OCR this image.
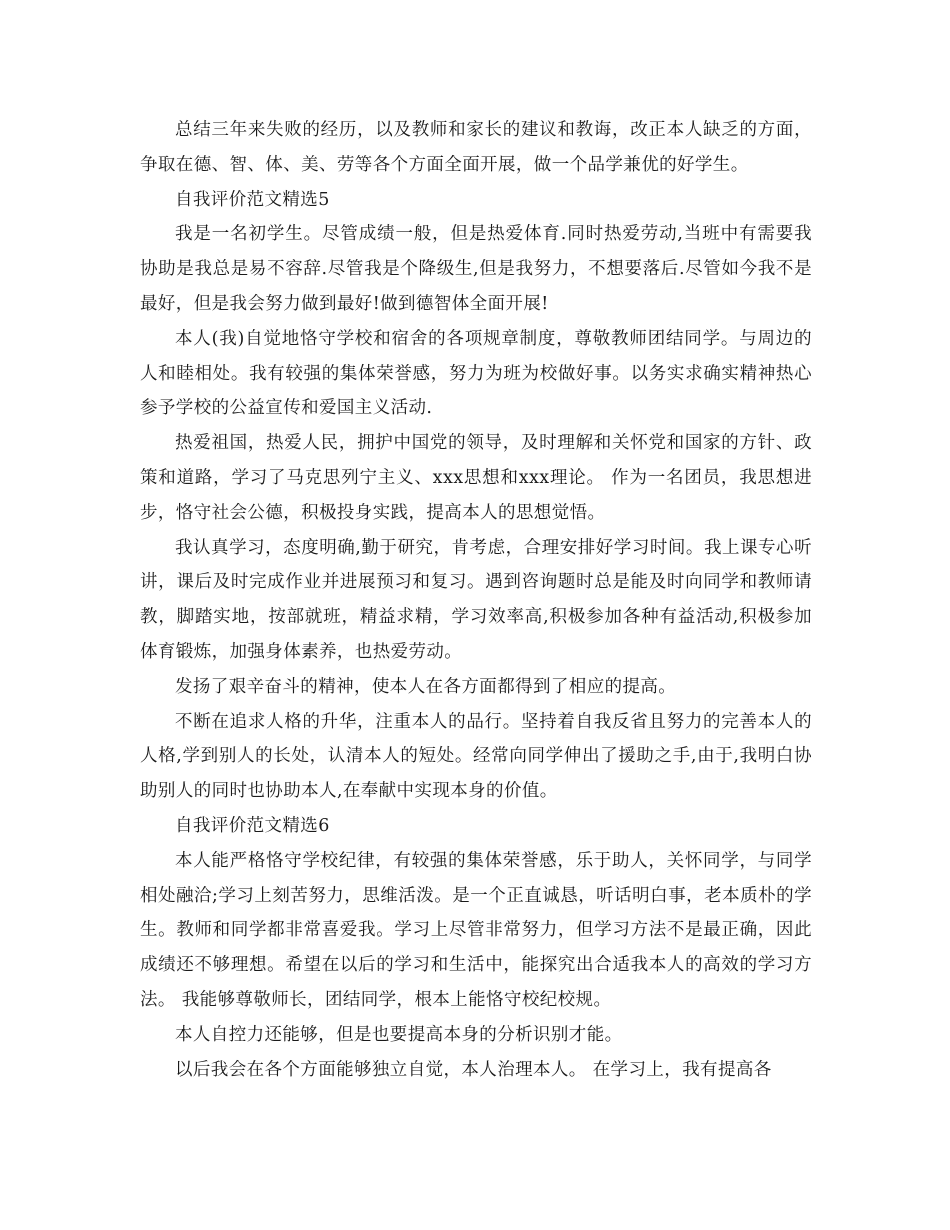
总结三年来失败的经历，以及教师和家长的建议和教诲，改正本人缺乏的方面，争取在德、智、体、美、劳等各个方面全面开展，做一个品学兼优的好学生。

自我评价范文精选5

我是一名初学生。尽管成绩一般，但是热爱体育.同时热爱劳动,当班中有需要我协助是我总是易不容辞.尽管我是个降级生,但是我努力，不想要落后.尽管如今我不是最好，但是我会努力做到最好!做到德智体全面开展!

本人(我)自觉地恪守学校和宿舍的各项规章制度，尊敬教师团结同学。与周边的人和睦相处。我有较强的集体荣誉感，努力为班为校做好事。以务实求确实精神热心参予学校的公益宣传和爱国主义活动.

热爱祖国，热爱人民，拥护中国党的领导，及时理解和关怀党和国家的方针、政策和道路，学习了马克思列宁主义、xxx思想和xxx理论。 作为一名团员，我思想进步，恪守社会公德，积极投身实践，提高本人的思想觉悟。

我认真学习，态度明确,勤于研究，肯考虑，合理安排好学习时间。我上课专心听讲，课后及时完成作业并进展预习和复习。遇到咨询题时总是能及时向同学和教师请教，脚踏实地，按部就班，精益求精，学习效率高,积极参加各种有益活动,积极参加体育锻炼，加强身体素养，也热爱劳动。

发扬了艰辛奋斗的精神，使本人在各方面都得到了相应的提高。

不断在追求人格的升华，注重本人的品行。坚持着自我反省且努力的完善本人的人格,学到别人的长处，认清本人的短处。经常向同学伸出了援助之手,由于,我明白协助别人的同时也协助本人,在奉献中实现本身的价值。

自我评价范文精选6

本人能严格恪守学校纪律，有较强的集体荣誉感，乐于助人，关怀同学，与同学相处融洽;学习上刻苦努力，思维活泼。是一个正直诚恳，听话明白事，老本质朴的学生。教师和同学都非常喜爱我。学习上尽管非常努力，但学习方法不是最正确，因此成绩还不够理想。希望在以后的学习和生活中，能探究出合适我本人的高效的学习方法。 我能够尊敬师长，团结同学，根本上能恪守校纪校规。

本人自控力还能够，但是也要提高本身的分析识别才能。

以后我会在各个方面能够独立自觉，本人治理本人。 在学习上，我有提高各
